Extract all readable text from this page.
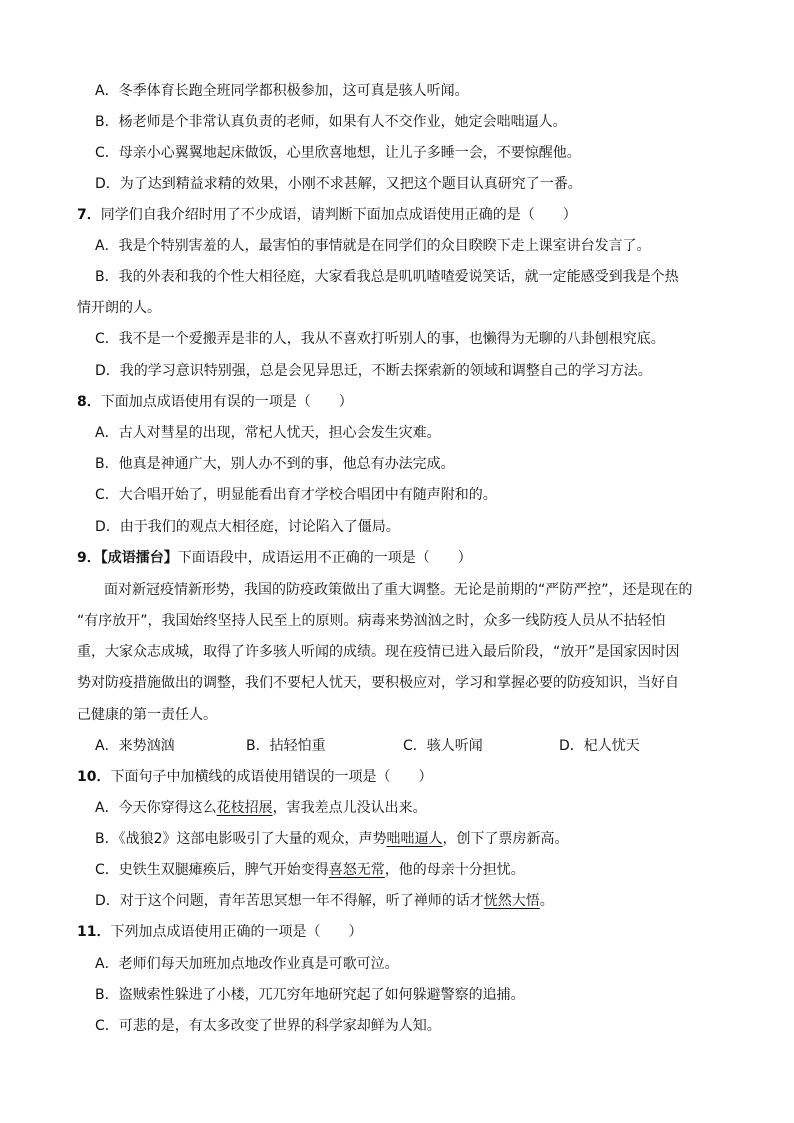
A．冬季体育长跑全班同学都积极参加，这可真是骇人听闻。
B．杨老师是个非常认真负责的老师，如果有人不交作业，她定会咄咄逼人。
C．母亲小心翼翼地起床做饭，心里欣喜地想，让儿子多睡一会，不要惊醒他。
D．为了达到精益求精的效果，小刚不求甚解，又把这个题目认真研究了一番。
7．同学们自我介绍时用了不少成语，请判断下面加点成语使用正确的是（　　）
A．我是个特别害羞的人，最害怕的事情就是在同学们的众目睽睽下走上课室讲台发言了。
B．我的外表和我的个性大相径庭，大家看我总是叽叽喳喳爱说笑话，就一定能感受到我是个热
情开朗的人。
C．我不是一个爱搬弄是非的人，我从不喜欢打听别人的事，也懒得为无聊的八卦刨根究底。
D．我的学习意识特别强，总是会见异思迁，不断去探索新的领域和调整自己的学习方法。
8．下面加点成语使用有误的一项是（　　）
A．古人对彗星的出现，常杞人忧天，担心会发生灾难。
B．他真是神通广大，别人办不到的事，他总有办法完成。
C．大合唱开始了，明显能看出育才学校合唱团中有随声附和的。
D．由于我们的观点大相径庭，讨论陷入了僵局。
9．【成语擂台】下面语段中，成语运用不正确的一项是（　　）
面对新冠疫情新形势，我国的防疫政策做出了重大调整。无论是前期的“严防严控”，还是现在的
“有序放开”，我国始终坚持人民至上的原则。病毒来势汹汹之时，众多一线防疫人员从不拈轻怕
重，大家众志成城，取得了许多骇人听闻的成绩。现在疫情已进入最后阶段，“放开”是国家因时因
势对防疫措施做出的调整，我们不要杞人忧天，要积极应对，学习和掌握必要的防疫知识，当好自
己健康的第一责任人。
A．来势汹汹	B．拈轻怕重	C．骇人听闻	D．杞人忧天
10．下面句子中加横线的成语使用错误的一项是（　　）
A．今天你穿得这么花枝招展，害我差点儿没认出来。
B．《战狼2》这部电影吸引了大量的观众，声势咄咄逼人，创下了票房新高。
C．史铁生双腿瘫痪后，脾气开始变得喜怒无常，他的母亲十分担忧。
D．对于这个问题，青年苦思冥想一年不得解，听了禅师的话才恍然大悟。
11．下列加点成语使用正确的一项是（　　）
A．老师们每天加班加点地改作业真是可歌可泣。
B．盗贼索性躲进了小楼，兀兀穷年地研究起了如何躲避警察的追捕。
C．可悲的是，有太多改变了世界的科学家却鲜为人知。
